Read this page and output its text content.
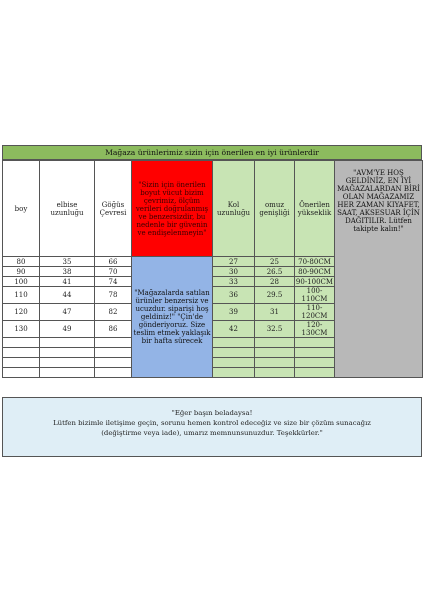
Mağaza ürünlerimiz sizin için önerilen en iyi ürünlerdir
boy	elbise uzunluğu	Göğüs Çevresi	"Sizin için önerilen boyut vücut bizim çevrimiz, ölçüm verileri doğrulanmış ve benzersizdir, bu nedenle bir güvenin ve endişelenmeyin"	Kol uzunluğu	omuz genişliği	Önerilen yükseklik	"AVM'YE HOŞ GELDİNİZ, EN İYİ MAĞAZALARDAN BİRİ OLAN MAĞAZAMIZ HER ZAMAN KIYAFET, SAAT, AKSESUAR İÇİN DAĞITILIR. Lütfen takipte kalın!"
80	35	66	"Mağazalarda satılan ürünler benzersiz ve ucuzdur. siparişi hoş geldiniz!" "Çin'de gönderiyoruz. Size teslim etmek yaklaşık bir hafta sürecek	27	25	70-80CM	
90	38	70		30	26.5	80-90CM	
100	41	74		33	28	90-100CM	
110	44	78		36	29.5	100-110CM	
120	47	82		39	31	110-120CM	
130	49	86		42	32.5	120-130CM	

"Eğer başın beladaysa!

Lütfen bizimle iletişime geçin, sorunu hemen kontrol edeceğiz ve size bir çözüm sunacağız

(değiştirme veya iade), umarız memnunsunuzdur. Teşekkürler."
